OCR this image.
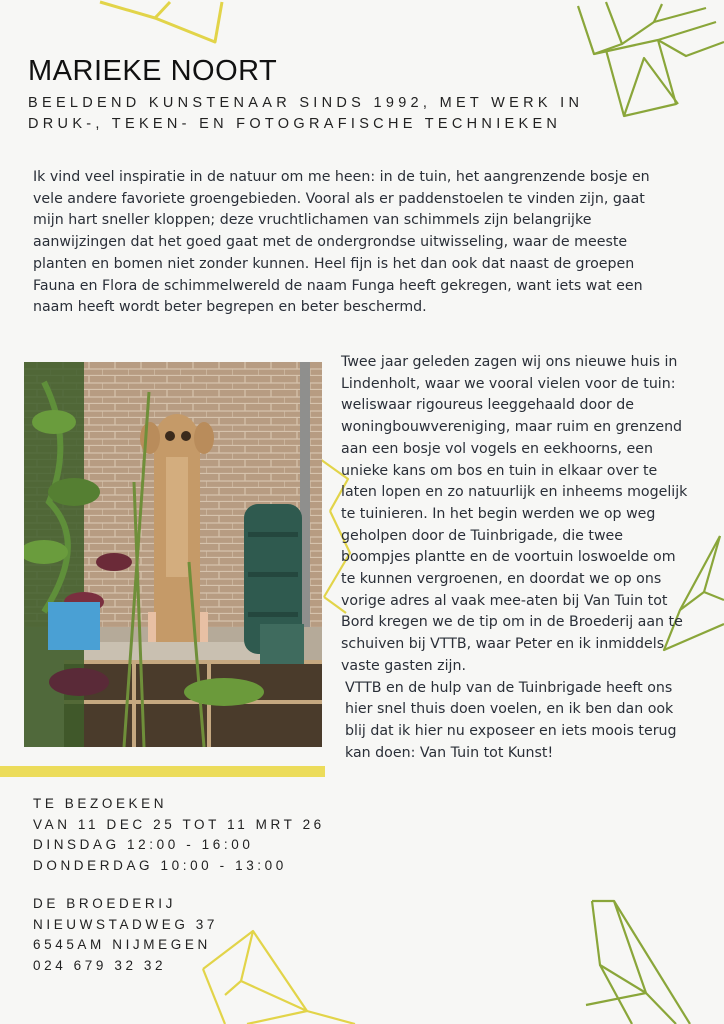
MARIEKE NOORT
BEELDEND KUNSTENAAR SINDS 1992, MET WERK IN
DRUK-, TEKEN- EN FOTOGRAFISCHE TECHNIEKEN

Ik vind veel inspiratie in de natuur om me heen: in de tuin, het aangrenzende bosje en vele andere favoriete groengebieden. Vooral als er paddenstoelen te vinden zijn, gaat mijn hart sneller kloppen; deze vruchtlichamen van schimmels zijn belangrijke aanwijzingen dat het goed gaat met de ondergrondse uitwisseling, waar de meeste planten en bomen niet zonder kunnen. Heel fijn is het dan ook dat naast de groepen Fauna en Flora de schimmelwereld de naam Funga heeft gekregen, want iets wat een naam heeft wordt beter begrepen en beter beschermd.

Twee jaar geleden zagen wij ons nieuwe huis in Lindenholt, waar we vooral vielen voor de tuin: weliswaar rigoureus leeggehaald door de woningbouwvereniging, maar ruim en grenzend aan een bosje vol vogels en eekhoorns, een unieke kans om bos en tuin in elkaar over te laten lopen en zo natuurlijk en inheems mogelijk te tuinieren. In het begin werden we op weg geholpen door de Tuinbrigade, die twee boompjes plantte en de voortuin loswoelde om te kunnen vergroenen, en doordat we op ons vorige adres al vaak mee-aten bij Van Tuin tot Bord kregen we de tip om in de Broederij aan te schuiven bij VTTB, waar Peter en ik inmiddels vaste gasten zijn.

VTTB en de hulp van de Tuinbrigade heeft ons hier snel thuis doen voelen, en ik ben dan ook blij dat ik hier nu exposeer en iets moois terug kan doen: Van Tuin tot Kunst!

TE BEZOEKEN
VAN 11 DEC 25 TOT 11 MRT 26
DINSDAG 12:00 - 16:00
DONDERDAG 10:00 - 13:00
DE BROEDERIJ
NIEUWSTADWEG 37
6545AM NIJMEGEN
024 679 32 32
